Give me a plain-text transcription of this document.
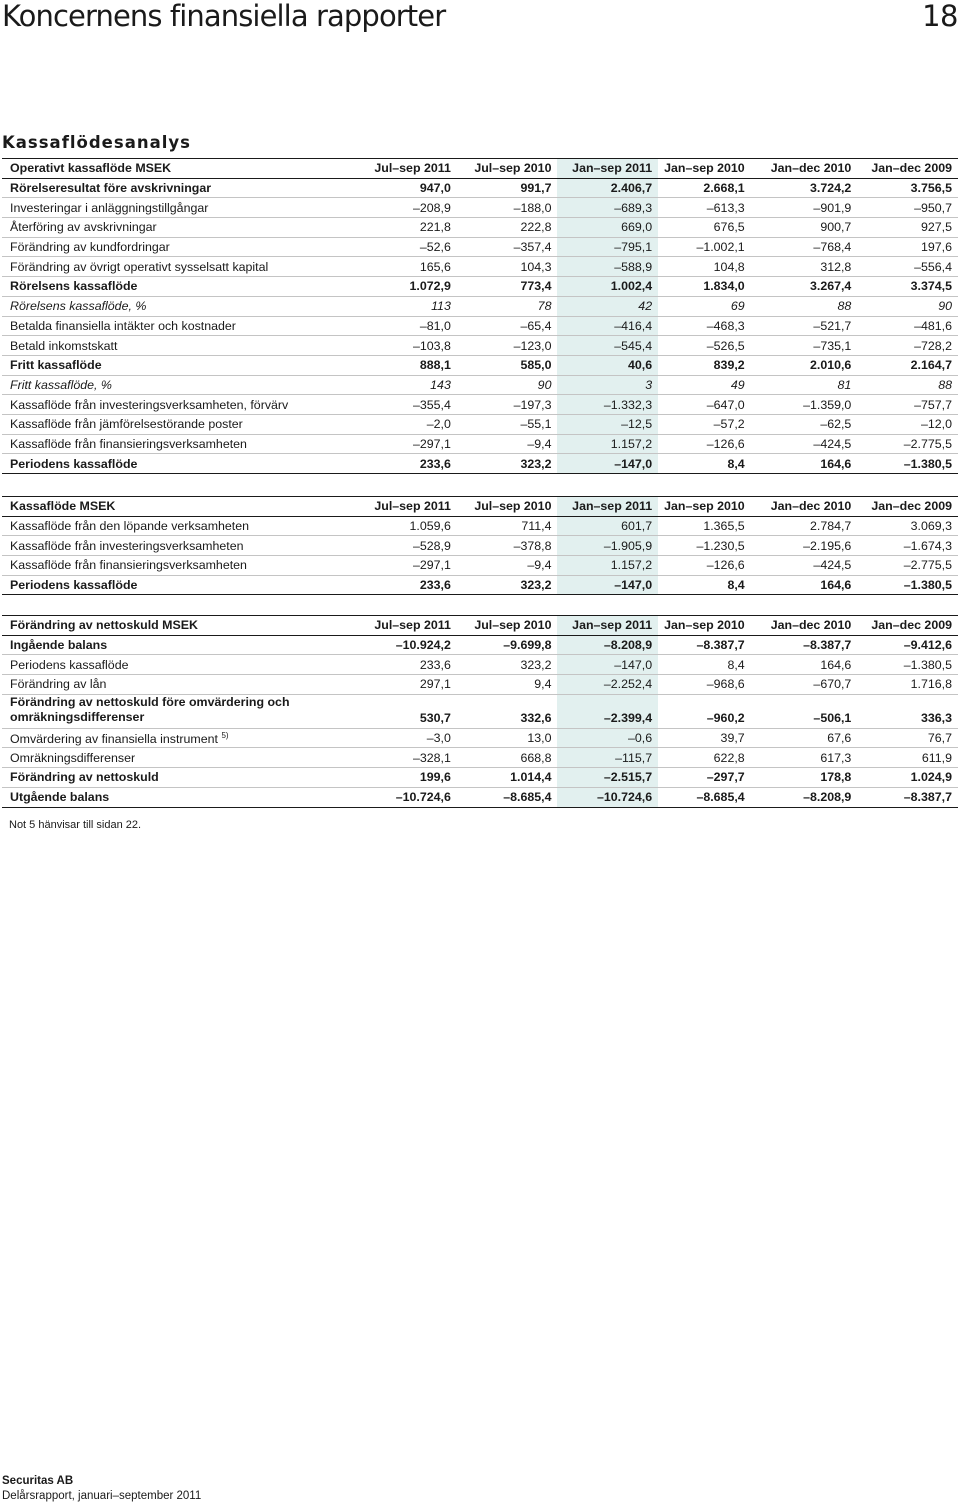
Koncernens finansiella rapporter	18
Kassaflödesanalys
Operativt kassaflöde MSEK	Jul–sep 2011	Jul–sep 2010	Jan–sep 2011	Jan–sep 2010	Jan–dec 2010	Jan–dec 2009
Rörelseresultat före avskrivningar	947,0	991,7	2.406,7	2.668,1	3.724,2	3.756,5
Investeringar i anläggningstillgångar	–208,9	–188,0	–689,3	–613,3	–901,9	–950,7
Återföring av avskrivningar	221,8	222,8	669,0	676,5	900,7	927,5
Förändring av kundfordringar	–52,6	–357,4	–795,1	–1.002,1	–768,4	197,6
Förändring av övrigt operativt sysselsatt kapital	165,6	104,3	–588,9	104,8	312,8	–556,4
Rörelsens kassaflöde	1.072,9	773,4	1.002,4	1.834,0	3.267,4	3.374,5
Rörelsens kassaflöde, %	113	78	42	69	88	90
Betalda finansiella intäkter och kostnader	–81,0	–65,4	–416,4	–468,3	–521,7	–481,6
Betald inkomstskatt	–103,8	–123,0	–545,4	–526,5	–735,1	–728,2
Fritt kassaflöde	888,1	585,0	40,6	839,2	2.010,6	2.164,7
Fritt kassaflöde, %	143	90	3	49	81	88
Kassaflöde från investeringsverksamheten, förvärv	–355,4	–197,3	–1.332,3	–647,0	–1.359,0	–757,7
Kassaflöde från jämförelsestörande poster	–2,0	–55,1	–12,5	–57,2	–62,5	–12,0
Kassaflöde från finansieringsverksamheten	–297,1	–9,4	1.157,2	–126,6	–424,5	–2.775,5
Periodens kassaflöde	233,6	323,2	–147,0	8,4	164,6	–1.380,5
Kassaflöde MSEK	Jul–sep 2011	Jul–sep 2010	Jan–sep 2011	Jan–sep 2010	Jan–dec 2010	Jan–dec 2009
Kassaflöde från den löpande verksamheten	1.059,6	711,4	601,7	1.365,5	2.784,7	3.069,3
Kassaflöde från investeringsverksamheten	–528,9	–378,8	–1.905,9	–1.230,5	–2.195,6	–1.674,3
Kassaflöde från finansieringsverksamheten	–297,1	–9,4	1.157,2	–126,6	–424,5	–2.775,5
Periodens kassaflöde	233,6	323,2	–147,0	8,4	164,6	–1.380,5
Förändring av nettoskuld MSEK	Jul–sep 2011	Jul–sep 2010	Jan–sep 2011	Jan–sep 2010	Jan–dec 2010	Jan–dec 2009
Ingående balans	–10.924,2	–9.699,8	–8.208,9	–8.387,7	–8.387,7	–9.412,6
Periodens kassaflöde	233,6	323,2	–147,0	8,4	164,6	–1.380,5
Förändring av lån	297,1	9,4	–2.252,4	–968,6	–670,7	1.716,8
Förändring av nettoskuld före omvärdering och omräkningsdifferenser	530,7	332,6	–2.399,4	–960,2	–506,1	336,3
Omvärdering av finansiella instrument $^{5)}$	–3,0	13,0	–0,6	39,7	67,6	76,7
Omräkningsdifferenser	–328,1	668,8	–115,7	622,8	617,3	611,9
Förändring av nettoskuld	199,6	1.014,4	–2.515,7	–297,7	178,8	1.024,9
Utgående balans	–10.724,6	–8.685,4	–10.724,6	–8.685,4	–8.208,9	–8.387,7
Not 5 hänvisar till sidan 22.
Securitas AB
Delårsrapport, januari–september 2011
